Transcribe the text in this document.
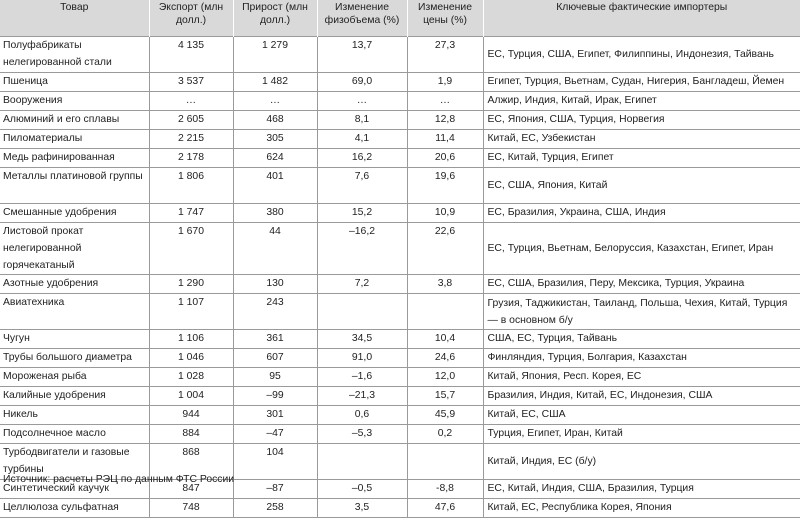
Товар	Экспорт (млн долл.)	Прирост (млн долл.)	Изменение физобъема (%)	Изменение цены (%)	Ключевые фактические импортеры
Полуфабрикаты нелегированной стали	4 135	1 279	13,7	27,3	ЕС, Турция, США, Египет, Филиппины, Индонезия, Тайвань
Пшеница	3 537	1 482	69,0	1,9	Египет, Турция, Вьетнам, Судан, Нигерия, Бангладеш, Йемен
Вооружения	…	…	…	…	Алжир, Индия, Китай, Ирак, Египет
Алюминий и его сплавы	2 605	468	8,1	12,8	ЕС, Япония, США, Турция, Норвегия
Пиломатериалы	2 215	305	4,1	11,4	Китай, ЕС, Узбекистан
Медь рафинированная	2 178	624	16,2	20,6	ЕС, Китай, Турция, Египет
Металлы платиновой группы	1 806	401	7,6	19,6	ЕС, США, Япония, Китай
Смешанные удобрения	1 747	380	15,2	10,9	ЕС, Бразилия, Украина, США, Индия
Листовой прокат нелегированной горячекатаный	1 670	44	–16,2	22,6	ЕС, Турция, Вьетнам, Белоруссия, Казахстан, Египет, Иран
Азотные удобрения	1 290	130	7,2	3,8	ЕС, США, Бразилия, Перу, Мексика, Турция, Украина
Авиатехника	1 107	243			Грузия, Таджикистан, Таиланд, Польша, Чехия, Китай, Турция — в основном б/у
Чугун	1 106	361	34,5	10,4	США, ЕС, Турция, Тайвань
Трубы большого диаметра	1 046	607	91,0	24,6	Финляндия, Турция, Болгария, Казахстан
Мороженая рыба	1 028	95	–1,6	12,0	Китай, Япония, Респ. Корея, ЕС
Калийные удобрения	1 004	–99	–21,3	15,7	Бразилия, Индия, Китай, ЕС, Индонезия, США
Никель	944	301	0,6	45,9	Китай, ЕС, США
Подсолнечное масло	884	–47	–5,3	0,2	Турция, Египет, Иран, Китай
Турбодвигатели и газовые турбины	868	104			Китай, Индия, ЕС (б/у)
Синтетический каучук	847	–87	–0,5	-8,8	ЕС, Китай, Индия, США, Бразилия, Турция
Целлюлоза сульфатная	748	258	3,5	47,6	Китай, ЕС, Республика Корея, Япония
Источник: расчеты РЭЦ по данным ФТС России
